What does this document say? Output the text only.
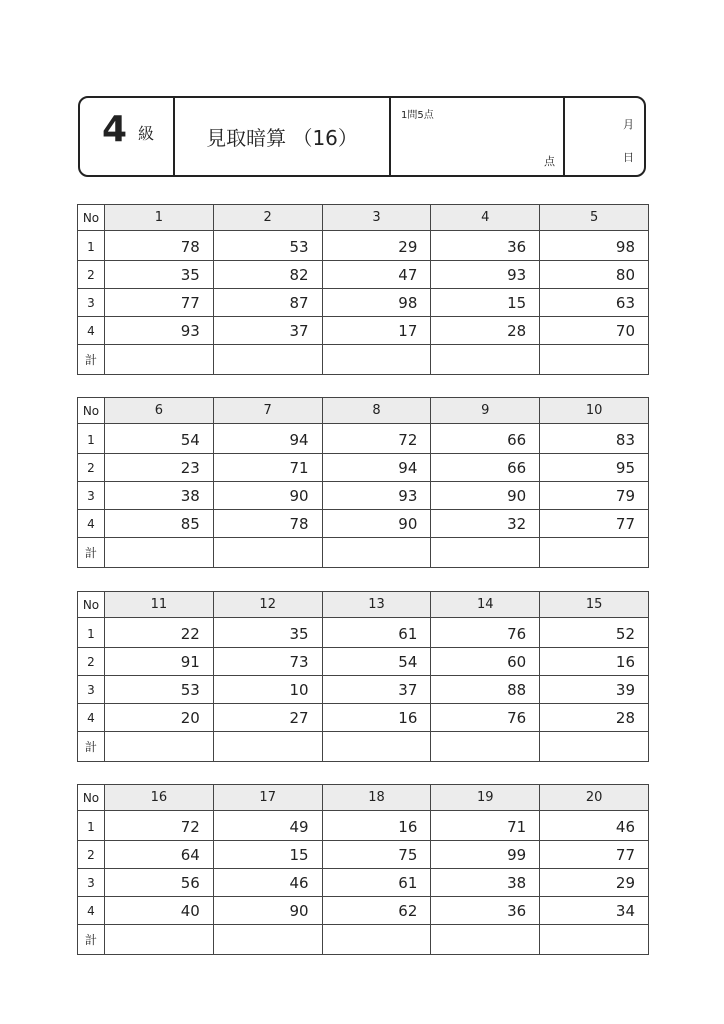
4 級	見取暗算 （16）
1問5点
点
月
日
No	1	2	3	4	5
1	78	53	29	36	98
2	35	82	47	93	80
3	77	87	98	15	63
4	93	37	17	28	70
計					
No	6	7	8	9	10
1	54	94	72	66	83
2	23	71	94	66	95
3	38	90	93	90	79
4	85	78	90	32	77
計					
No	11	12	13	14	15
1	22	35	61	76	52
2	91	73	54	60	16
3	53	10	37	88	39
4	20	27	16	76	28
計					
No	16	17	18	19	20
1	72	49	16	71	46
2	64	15	75	99	77
3	56	46	61	38	29
4	40	90	62	36	34
計					
